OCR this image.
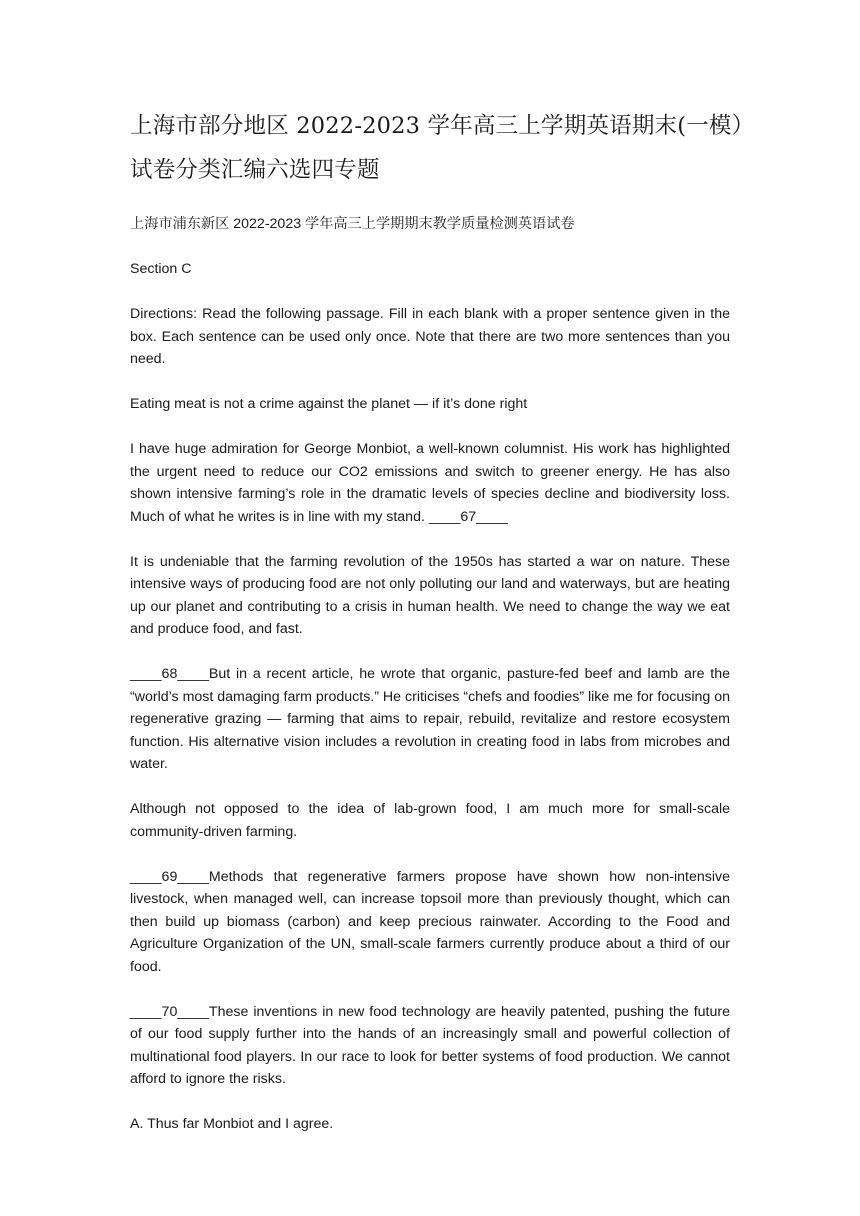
上海市部分地区 2022-2023 学年高三上学期英语期末(一模）
试卷分类汇编六选四专题
上海市浦东新区 2022-2023 学年高三上学期期末教学质量检测英语试卷

Section C

Directions: Read the following passage. Fill in each blank with a proper sentence given in the box. Each sentence can be used only once. Note that there are two more sentences than you need.

Eating meat is not a crime against the planet — if it’s done right

I have huge admiration for George Monbiot, a well-known columnist. His work has highlighted the urgent need to reduce our CO2 emissions and switch to greener energy. He has also shown intensive farming’s role in the dramatic levels of species decline and biodiversity loss. Much of what he writes is in line with my stand. ____67____

It is undeniable that the farming revolution of the 1950s has started a war on nature. These intensive ways of producing food are not only polluting our land and waterways, but are heating up our planet and contributing to a crisis in human health. We need to change the way we eat and produce food, and fast.

____68____But in a recent article, he wrote that organic, pasture-fed beef and lamb are the “world’s most damaging farm products.” He criticises “chefs and foodies” like me for focusing on regenerative grazing — farming that aims to repair, rebuild, revitalize and restore ecosystem function. His alternative vision includes a revolution in creating food in labs from microbes and water.

Although not opposed to the idea of lab-grown food, I am much more for small-scale community-driven farming.

____69____Methods that regenerative farmers propose have shown how non-intensive livestock, when managed well, can increase topsoil more than previously thought, which can then build up biomass (carbon) and keep precious rainwater. According to the Food and Agriculture Organization of the UN, small-scale farmers currently produce about a third of our food.

____70____These inventions in new food technology are heavily patented, pushing the future of our food supply further into the hands of an increasingly small and powerful collection of multinational food players. In our race to look for better systems of food production. We cannot afford to ignore the risks.

A. Thus far Monbiot and I agree.
